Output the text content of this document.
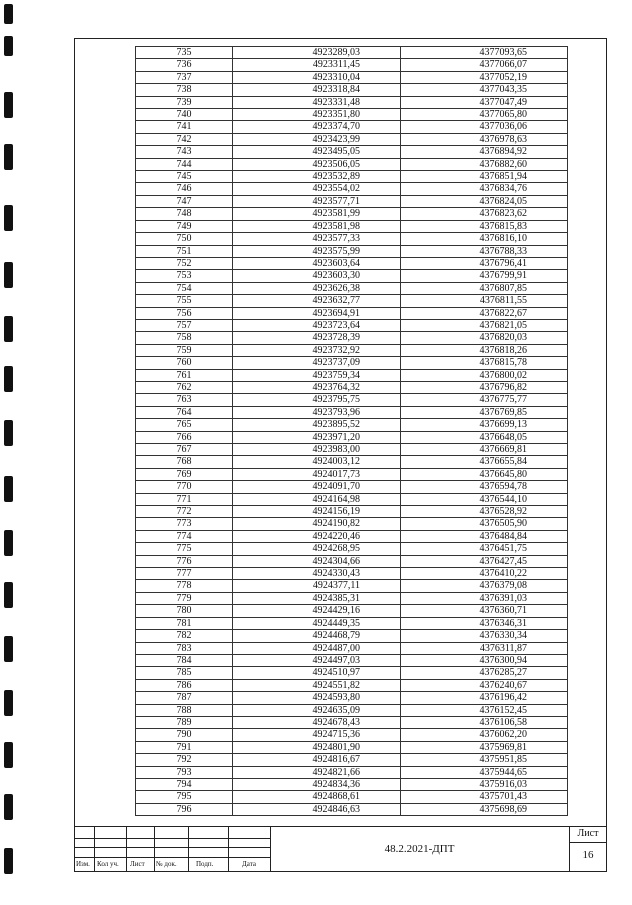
735	4923289,03	4377093,65
736	4923311,45	4377066,07
737	4923310,04	4377052,19
738	4923318,84	4377043,35
739	4923331,48	4377047,49
740	4923351,80	4377065,80
741	4923374,70	4377036,06
742	4923423,99	4376978,63
743	4923495,05	4376894,92
744	4923506,05	4376882,60
745	4923532,89	4376851,94
746	4923554,02	4376834,76
747	4923577,71	4376824,05
748	4923581,99	4376823,62
749	4923581,98	4376815,83
750	4923577,33	4376816,10
751	4923575,99	4376788,33
752	4923603,64	4376796,41
753	4923603,30	4376799,91
754	4923626,38	4376807,85
755	4923632,77	4376811,55
756	4923694,91	4376822,67
757	4923723,64	4376821,05
758	4923728,39	4376820,03
759	4923732,92	4376818,26
760	4923737,09	4376815,78
761	4923759,34	4376800,02
762	4923764,32	4376796,82
763	4923795,75	4376775,77
764	4923793,96	4376769,85
765	4923895,52	4376699,13
766	4923971,20	4376648,05
767	4923983,00	4376669,81
768	4924003,12	4376655,84
769	4924017,73	4376645,80
770	4924091,70	4376594,78
771	4924164,98	4376544,10
772	4924156,19	4376528,92
773	4924190,82	4376505,90
774	4924220,46	4376484,84
775	4924268,95	4376451,75
776	4924304,66	4376427,45
777	4924330,43	4376410,22
778	4924377,11	4376379,08
779	4924385,31	4376391,03
780	4924429,16	4376360,71
781	4924449,35	4376346,31
782	4924468,79	4376330,34
783	4924487,00	4376311,87
784	4924497,03	4376300,94
785	4924510,97	4376285,27
786	4924551,82	4376240,67
787	4924593,80	4376196,42
788	4924635,09	4376152,45
789	4924678,43	4376106,58
790	4924715,36	4376062,20
791	4924801,90	4375969,81
792	4924816,67	4375951,85
793	4924821,66	4375944,65
794	4924834,36	4375916,03
795	4924868,61	4375701,43
796	4924846,63	4375698,69
Изм. Кол уч. Лист № док.	Подп.	Дата
48.2.2021-ДПТ
Лист
16
